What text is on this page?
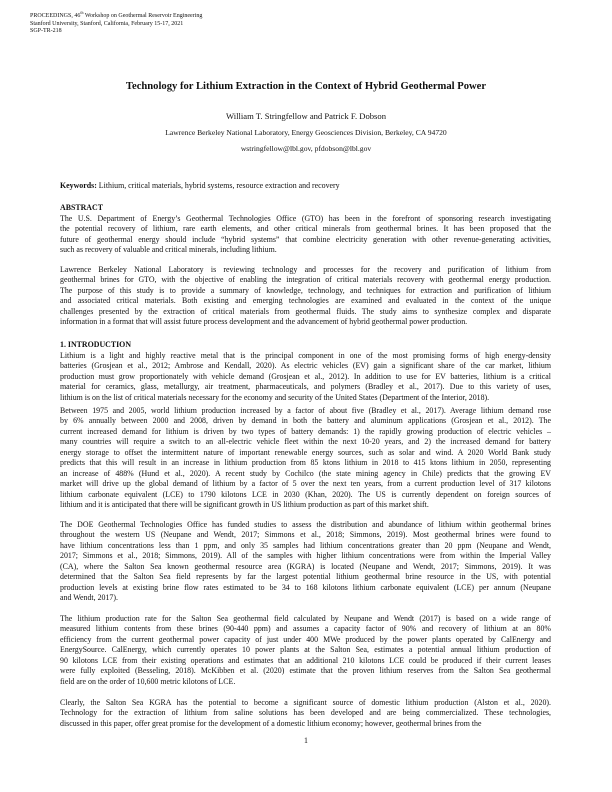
PROCEEDINGS, 46th Workshop on Geothermal Reservoir Engineering
Stanford University, Stanford, California, February 15-17, 2021
SGP-TR-218
Technology for Lithium Extraction in the Context of Hybrid Geothermal Power
William T. Stringfellow and Patrick F. Dobson
Lawrence Berkeley National Laboratory, Energy Geosciences Division, Berkeley, CA 94720
wstringfellow@lbl.gov, pfdobson@lbl.gov
Keywords: Lithium, critical materials, hybrid systems, resource extraction and recovery
ABSTRACT
The U.S. Department of Energy’s Geothermal Technologies Office (GTO) has been in the forefront of sponsoring research investigating
the potential recovery of lithium, rare earth elements, and other critical minerals from geothermal brines. It has been proposed that the
future of geothermal energy should include “hybrid systems” that combine electricity generation with other revenue-generating activities,
such as recovery of valuable and critical minerals, including lithium.
Lawrence Berkeley National Laboratory is reviewing technology and processes for the recovery and purification of lithium from
geothermal brines for GTO, with the objective of enabling the integration of critical materials recovery with geothermal energy production.
The purpose of this study is to provide a summary of knowledge, technology, and techniques for extraction and purification of lithium
and associated critical materials. Both existing and emerging technologies are examined and evaluated in the context of the unique
challenges presented by the extraction of critical materials from geothermal fluids. The study aims to synthesize complex and disparate
information in a format that will assist future process development and the advancement of hybrid geothermal power production.
1. INTRODUCTION
Lithium is a light and highly reactive metal that is the principal component in one of the most promising forms of high energy-density
batteries (Grosjean et al., 2012; Ambrose and Kendall, 2020). As electric vehicles (EV) gain a significant share of the car market, lithium
production must grow proportionately with vehicle demand (Grosjean et al., 2012). In addition to use for EV batteries, lithium is a critical
material for ceramics, glass, metallurgy, air treatment, pharmaceuticals, and polymers (Bradley et al., 2017). Due to this variety of uses,
lithium is on the list of critical materials necessary for the economy and security of the United States (Department of the Interior, 2018).
Between 1975 and 2005, world lithium production increased by a factor of about five (Bradley et al., 2017). Average lithium demand rose
by 6% annually between 2000 and 2008, driven by demand in both the battery and aluminum applications (Grosjean et al., 2012). The
current increased demand for lithium is driven by two types of battery demands: 1) the rapidly growing production of electric vehicles –
many countries will require a switch to an all-electric vehicle fleet within the next 10-20 years, and 2) the increased demand for battery
energy storage to offset the intermittent nature of important renewable energy sources, such as solar and wind. A 2020 World Bank study
predicts that this will result in an increase in lithium production from 85 ktons lithium in 2018 to 415 ktons lithium in 2050, representing
an increase of 488% (Hund et al., 2020). A recent study by Cochilco (the state mining agency in Chile) predicts that the growing EV
market will drive up the global demand of lithium by a factor of 5 over the next ten years, from a current production level of 317 kilotons
lithium carbonate equivalent (LCE) to 1790 kilotons LCE in 2030 (Khan, 2020). The US is currently dependent on foreign sources of
lithium and it is anticipated that there will be significant growth in US lithium production as part of this market shift.
The DOE Geothermal Technologies Office has funded studies to assess the distribution and abundance of lithium within geothermal brines
throughout the western US (Neupane and Wendt, 2017; Simmons et al., 2018; Simmons, 2019). Most geothermal brines were found to
have lithium concentrations less than 1 ppm, and only 35 samples had lithium concentrations greater than 20 ppm (Neupane and Wendt,
2017; Simmons et al., 2018; Simmons, 2019). All of the samples with higher lithium concentrations were from within the Imperial Valley
(CA), where the Salton Sea known geothermal resource area (KGRA) is located (Neupane and Wendt, 2017; Simmons, 2019). It was
determined that the Salton Sea field represents by far the largest potential lithium geothermal brine resource in the US, with potential
production levels at existing brine flow rates estimated to be 34 to 168 kilotons lithium carbonate equivalent (LCE) per annum (Neupane
and Wendt, 2017).
The lithium production rate for the Salton Sea geothermal field calculated by Neupane and Wendt (2017) is based on a wide range of
measured lithium contents from these brines (90-440 ppm) and assumes a capacity factor of 90% and recovery of lithium at an 80%
efficiency from the current geothermal power capacity of just under 400 MWe produced by the power plants operated by CalEnergy and
EnergySource. CalEnergy, which currently operates 10 power plants at the Salton Sea, estimates a potential annual lithium production of
90 kilotons LCE from their existing operations and estimates that an additional 210 kilotons LCE could be produced if their current leases
were fully exploited (Besseling, 2018). McKibben et al. (2020) estimate that the proven lithium reserves from the Salton Sea geothermal
field are on the order of 10,600 metric kilotons of LCE.
Clearly, the Salton Sea KGRA has the potential to become a significant source of domestic lithium production (Alston et al., 2020).
Technology for the extraction of lithium from saline solutions has been developed and are being commercialized. These technologies,
discussed in this paper, offer great promise for the development of a domestic lithium economy; however, geothermal brines from the
1
